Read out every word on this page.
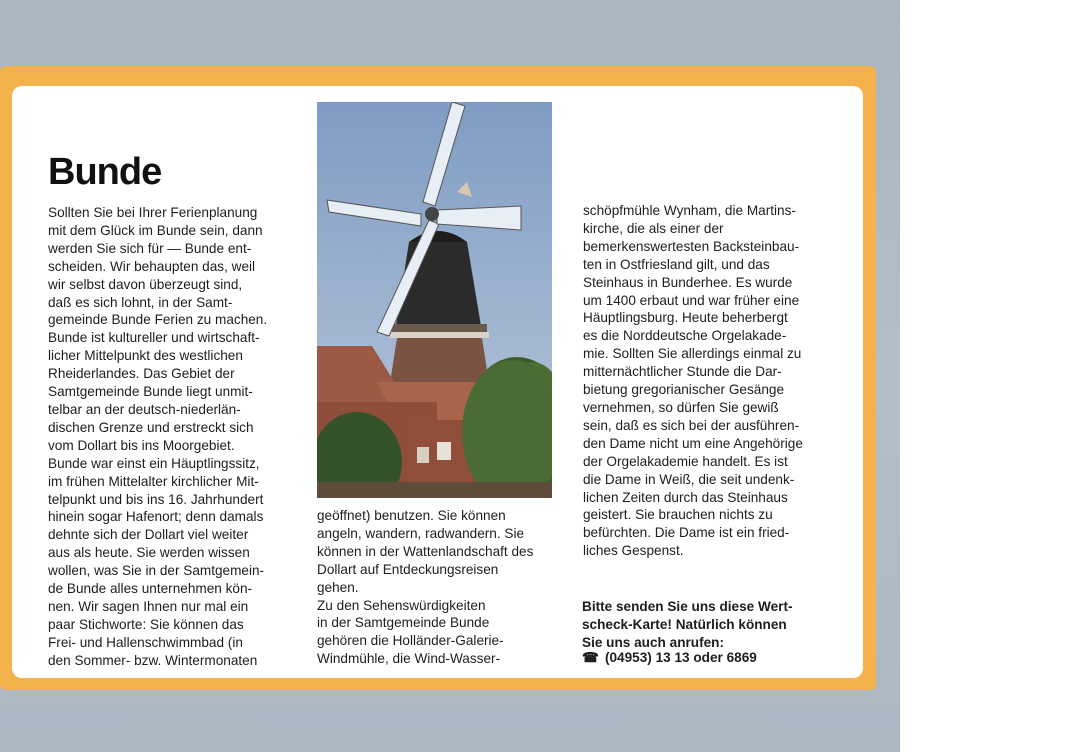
Bunde

Sollten Sie bei Ihrer Ferienplanung
mit dem Glück im Bunde sein, dann
werden Sie sich für — Bunde ent-
scheiden. Wir behaupten das, weil
wir selbst davon überzeugt sind,
daß es sich lohnt, in der Samt-
gemeinde Bunde Ferien zu machen.
Bunde ist kultureller und wirtschaft-
licher Mittelpunkt des westlichen
Rheiderlandes. Das Gebiet der
Samtgemeinde Bunde liegt unmit-
telbar an der deutsch-niederlän-
dischen Grenze und erstreckt sich
vom Dollart bis ins Moorgebiet.
Bunde war einst ein Häuptlingssitz,
im frühen Mittelalter kirchlicher Mit-
telpunkt und bis ins 16. Jahrhundert
hinein sogar Hafenort; denn damals
dehnte sich der Dollart viel weiter
aus als heute. Sie werden wissen
wollen, was Sie in der Samtgemein-
de Bunde alles unternehmen kön-
nen. Wir sagen Ihnen nur mal ein
paar Stichworte: Sie können das
Frei- und Hallenschwimmbad (in
den Sommer- bzw. Wintermonaten

geöffnet) benutzen. Sie können
angeln, wandern, radwandern. Sie
können in der Wattenlandschaft des
Dollart auf Entdeckungsreisen
gehen.
Zu den Sehenswürdigkeiten
in der Samtgemeinde Bunde
gehören die Holländer-Galerie-
Windmühle, die Wind-Wasser-

schöpfmühle Wynham, die Martins-
kirche, die als einer der
bemerkenswertesten Backsteinbau-
ten in Ostfriesland gilt, und das
Steinhaus in Bunderhee. Es wurde
um 1400 erbaut und war früher eine
Häuptlingsburg. Heute beherbergt
es die Norddeutsche Orgelakade-
mie. Sollten Sie allerdings einmal zu
mitternächtlicher Stunde die Dar-
bietung gregorianischer Gesänge
vernehmen, so dürfen Sie gewiß
sein, daß es sich bei der ausführen-
den Dame nicht um eine Angehörige
der Orgelakademie handelt. Es ist
die Dame in Weiß, die seit undenk-
lichen Zeiten durch das Steinhaus
geistert. Sie brauchen nichts zu
befürchten. Die Dame ist ein fried-
liches Gespenst.

Bitte senden Sie uns diese Wert-
scheck-Karte! Natürlich können
Sie uns auch anrufen:

☎ (04953) 13 13 oder 6869
